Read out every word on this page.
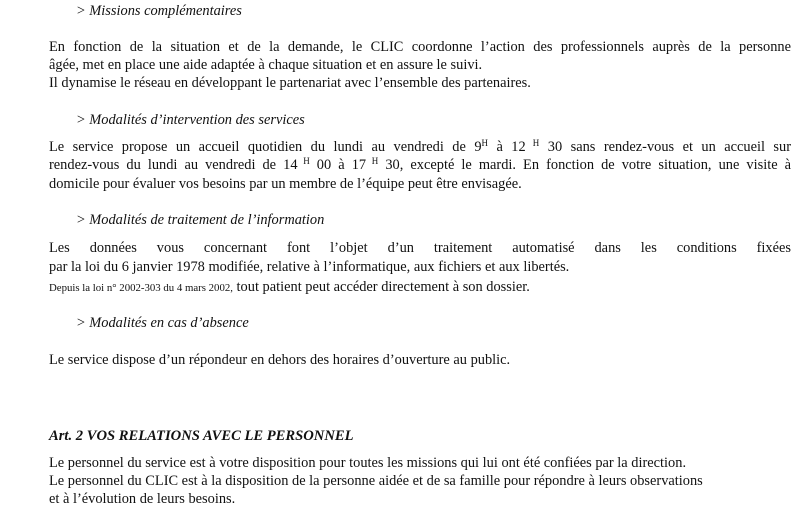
> Missions complémentaires
En fonction de la situation et de la demande, le CLIC coordonne l’action des professionnels auprès de la personne
âgée, met en place une aide adaptée à chaque situation et en assure le suivi.
Il dynamise le réseau en développant le partenariat avec l’ensemble des partenaires.
> Modalités d’intervention des services
Le service propose un accueil quotidien du lundi au vendredi de $9^H$ à 12 $^H$ 30 sans rendez-vous et un accueil sur
rendez-vous du lundi au vendredi de 14 $^H$ 00 à 17 $^H$ 30, excepté le mardi. En fonction de votre situation, une visite à
domicile pour évaluer vos besoins par un membre de l’équipe peut être envisagée.
> Modalités de traitement de l’information
Les données vous concernant font l’objet d’un traitement automatisé dans les conditions fixées
par la loi du 6 janvier 1978 modifiée, relative à l’informatique, aux fichiers et aux libertés.
Depuis la loi n° 2002-303 du 4 mars 2002, tout patient peut accéder directement à son dossier.
> Modalités en cas d’absence
Le service dispose d’un répondeur en dehors des horaires d’ouverture au public.
Art. 2 VOS RELATIONS AVEC LE PERSONNEL
Le personnel du service est à votre disposition pour toutes les missions qui lui ont été confiées par la direction.
Le personnel du CLIC est à la disposition de la personne aidée et de sa famille pour répondre à leurs observations
et à l’évolution de leurs besoins.
